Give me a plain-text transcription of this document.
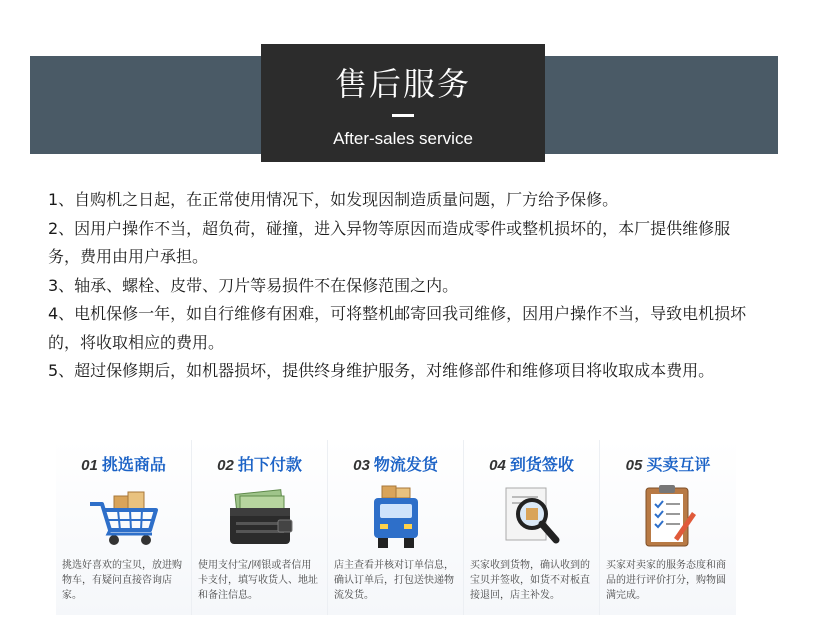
售后服务
After-sales service

1、自购机之日起，在正常使用情况下，如发现因制造质量问题，厂方给予保修。

2、因用户操作不当，超负荷，碰撞，进入异物等原因而造成零件或整机损坏的，本厂提供维修服务，费用由用户承担。

3、轴承、螺栓、皮带、刀片等易损件不在保修范围之内。

4、电机保修一年，如自行维修有困难，可将整机邮寄回我司维修，因用户操作不当，导致电机损坏的，将收取相应的费用。

5、超过保修期后，如机器损坏，提供终身维护服务，对维修部件和维修项目将收取成本费用。

01 挑选商品
挑选好喜欢的宝贝，放进购物车，有疑问直接咨询店家。
02 拍下付款
使用支付宝/网银或者信用卡支付，填写收货人、地址和备注信息。
03 物流发货
店主查看并核对订单信息，确认订单后，打包送快递物流发货。
04 到货签收
买家收到货物，确认收到的宝贝并签收，如货不对板直接退回，店主补发。
05 买卖互评
买家对卖家的服务态度和商品的进行评价打分，购物圆满完成。
